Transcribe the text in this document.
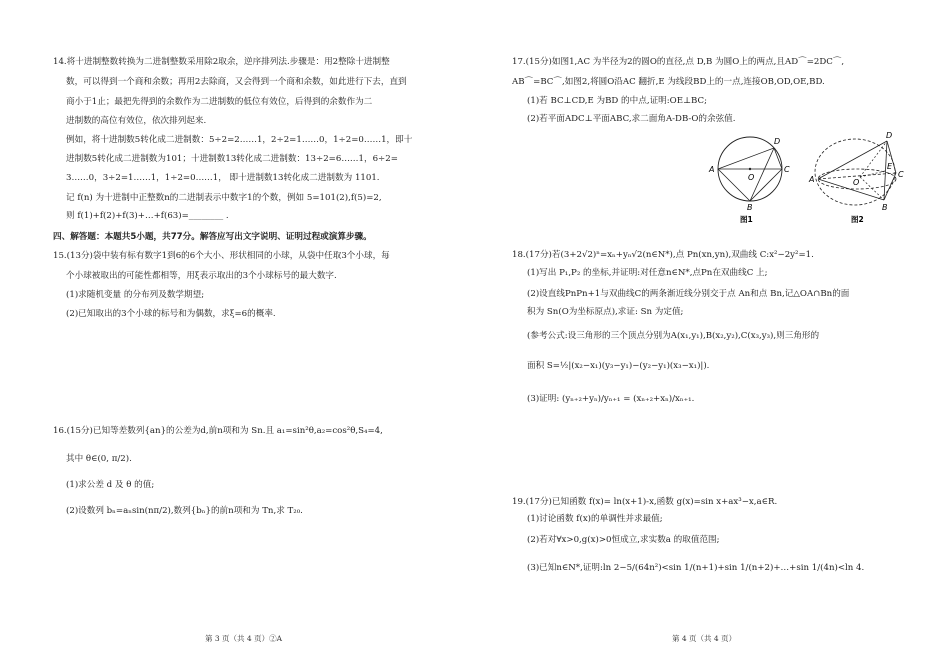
14.将十进制整数转换为二进制整数采用除2取余，逆序排列法.步骤是：用2整除十进制整
数，可以得到一个商和余数；再用2去除商，又会得到一个商和余数，如此进行下去，直到
商小于1止；最把先得到的余数作为二进制数的低位有效位，后得到的余数作为二
进制数的高位有效位，依次排列起来.
例如，将十进制数5转化成二进制数：5÷2=2……1，2÷2=1……0，1÷2=0……1，即十
进制数5转化成二进制数为101；十进制数13转化成二进制数：13÷2=6……1，6÷2=
3……0，3÷2=1……1，1÷2=0……1， 即十进制数13转化成二进制数为 1101.
记 f(n) 为十进制中正整数n的二进制表示中数字1的个数，例如 5=101(2),f(5)=2,
则 f(1)+f(2)+f(3)+…+f(63)=________ .
四、解答题：本题共5小题，共77分。解答应写出文字说明、证明过程或演算步骤。
15.(13分)袋中装有标有数字1到6的6个大小、形状相同的小球，从袋中任取3个小球，每
个小球被取出的可能性都相等，用ξ表示取出的3个小球标号的最大数字.
(1)求随机变量 的分布列及数学期望;
(2)已知取出的3个小球的标号和为偶数，求ξ=6的概率.
16.(15分)已知等差数列{an}的公差为d,前n项和为 Sn.且 a₁=sin²θ,a₂=cos²θ,S₄=4,
其中 θ∈(0, π/2).
(1)求公差 d 及 θ 的值;
(2)设数列 bₙ=aₙsin(nπ/2),数列{bₙ}的前n项和为 Tn,求 T₂₀.
第 3 页（共 4 页）②A
17.(15分)如图1,AC 为半径为2的圆O的直径,点 D,B 为圆O上的两点,且AD⌒=2DC⌒,
AB⌒=BC⌒,如图2,将圆O沿AC 翻折,E 为线段BD上的一点,连接OB,OD,OE,BD.
(1)若 BC⊥CD,E 为BD 的中点,证明:OE⊥BC;
(2)若平面ADC⊥平面ABC,求二面角A-DB-O的余弦值.
A
B
C
D
O
图1
A
B
C
D
O
E
图2
18.(17分)若(3+2√2)ⁿ=xₙ+yₙ√2(n∈N*),点 Pn(xn,yn),双曲线 C:x²−2y²=1.
(1)写出 P₁,P₂ 的坐标,并证明:对任意n∈N*,点Pn在双曲线C 上;
(2)设直线PnPn+1与双曲线C的两条渐近线分别交于点 An和点 Bn,记△OA∩Bn的面
积为 Sn(O为坐标原点),求证: Sn 为定值;
(参考公式:设三角形的三个顶点分别为A(x₁,y₁),B(x₂,y₂),C(x₃,y₃),则三角形的
面积 S=½|(x₂−x₁)(y₃−y₁)−(y₂−y₁)(x₃−x₁)|).
(3)证明: (yₙ₊₂+yₙ)/yₙ₊₁ = (xₙ₊₂+xₙ)/xₙ₊₁.
19.(17分)已知函数 f(x)= ln(x+1)-x,函数 g(x)=sin x+ax³−x,a∈R.
(1)讨论函数 f(x)的单调性并求最值;
(2)若对∀x>0,g(x)>0恒成立,求实数a 的取值范围;
(3)已知n∈N*,证明:ln 2−5/(64n²)<sin 1/(n+1)+sin 1/(n+2)+…+sin 1/(4n)<ln 4.
第 4 页（共 4 页）
